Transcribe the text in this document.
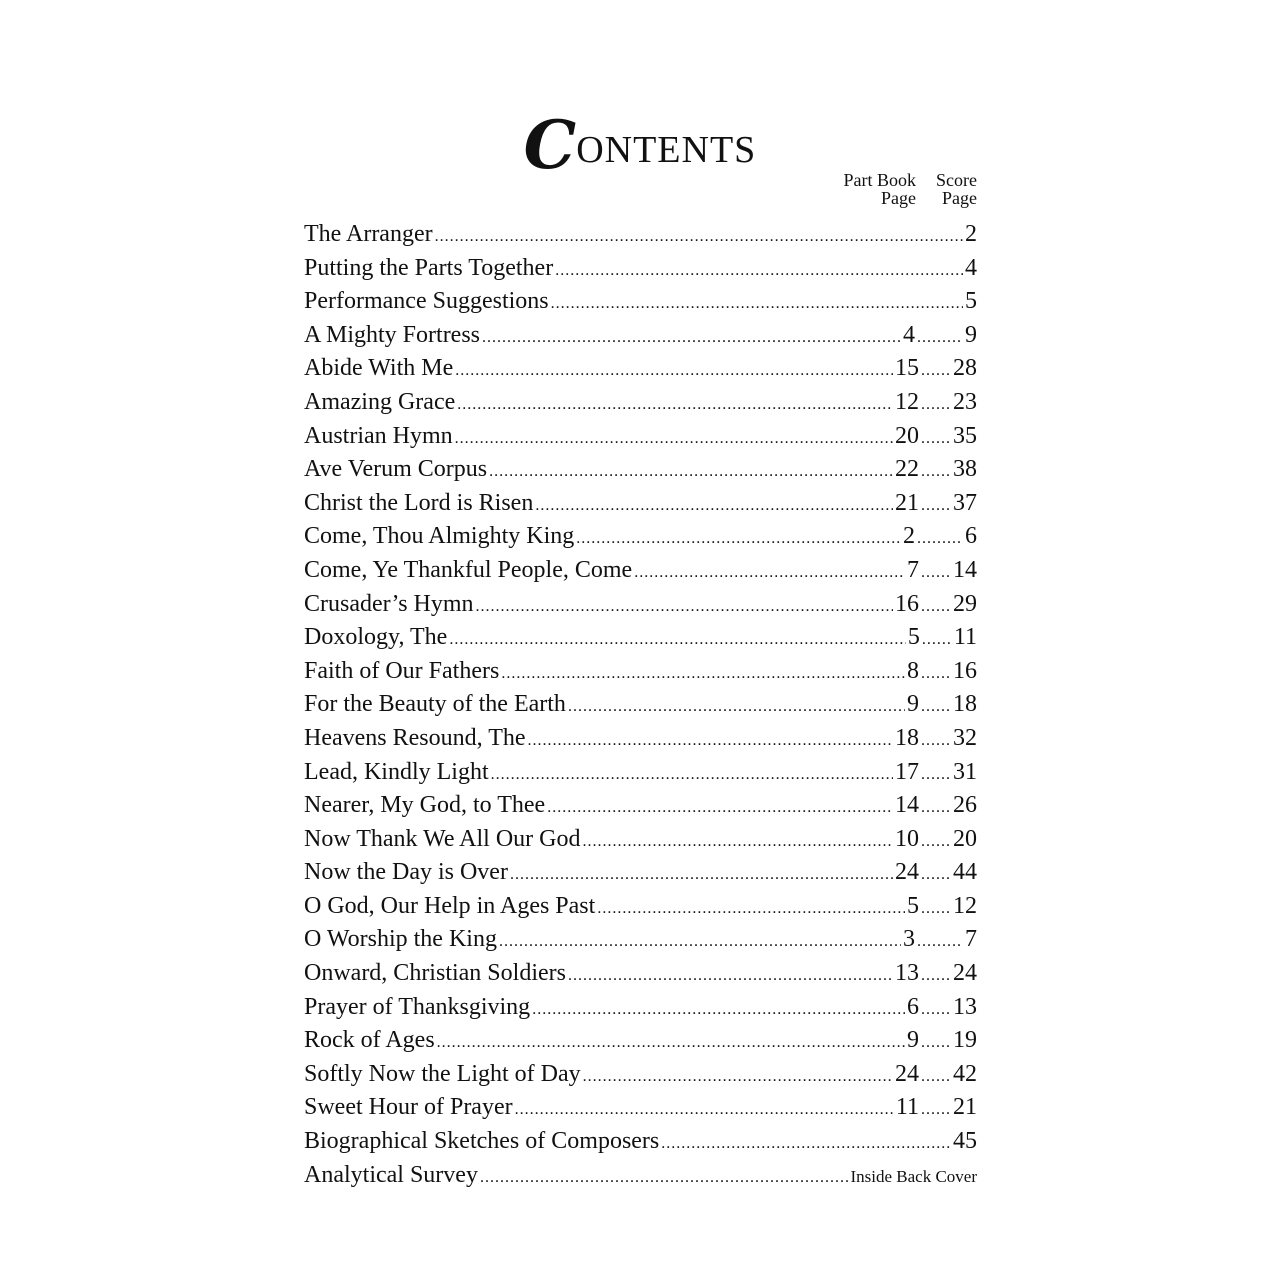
CONTENTS
Part Book
Page
Score
Page
The Arranger .....	2
Putting the Parts Together .....	4
Performance Suggestions .....	5
A Mighty Fortress .....	4 ..... 9
Abide With Me .....	15 ..... 28
Amazing Grace .....	12 ..... 23
Austrian Hymn .....	20 ..... 35
Ave Verum Corpus .....	22 ..... 38
Christ the Lord is Risen .....	21 ..... 37
Come, Thou Almighty King .....	2 ..... 6
Come, Ye Thankful People, Come .....	7 ..... 14
Crusader’s Hymn .....	16 ..... 29
Doxology, The .....	5 ..... 11
Faith of Our Fathers .....	8 ..... 16
For the Beauty of the Earth .....	9 ..... 18
Heavens Resound, The .....	18 ..... 32
Lead, Kindly Light .....	17 ..... 31
Nearer, My God, to Thee .....	14 ..... 26
Now Thank We All Our God .....	10 ..... 20
Now the Day is Over .....	24 ..... 44
O God, Our Help in Ages Past .....	5 ..... 12
O Worship the King .....	3 ..... 7
Onward, Christian Soldiers .....	13 ..... 24
Prayer of Thanksgiving .....	6 ..... 13
Rock of Ages .....	9 ..... 19
Softly Now the Light of Day .....	24 ..... 42
Sweet Hour of Prayer .....	11 ..... 21
Biographical Sketches of Composers .....	45
Analytical Survey .....	Inside Back Cover
